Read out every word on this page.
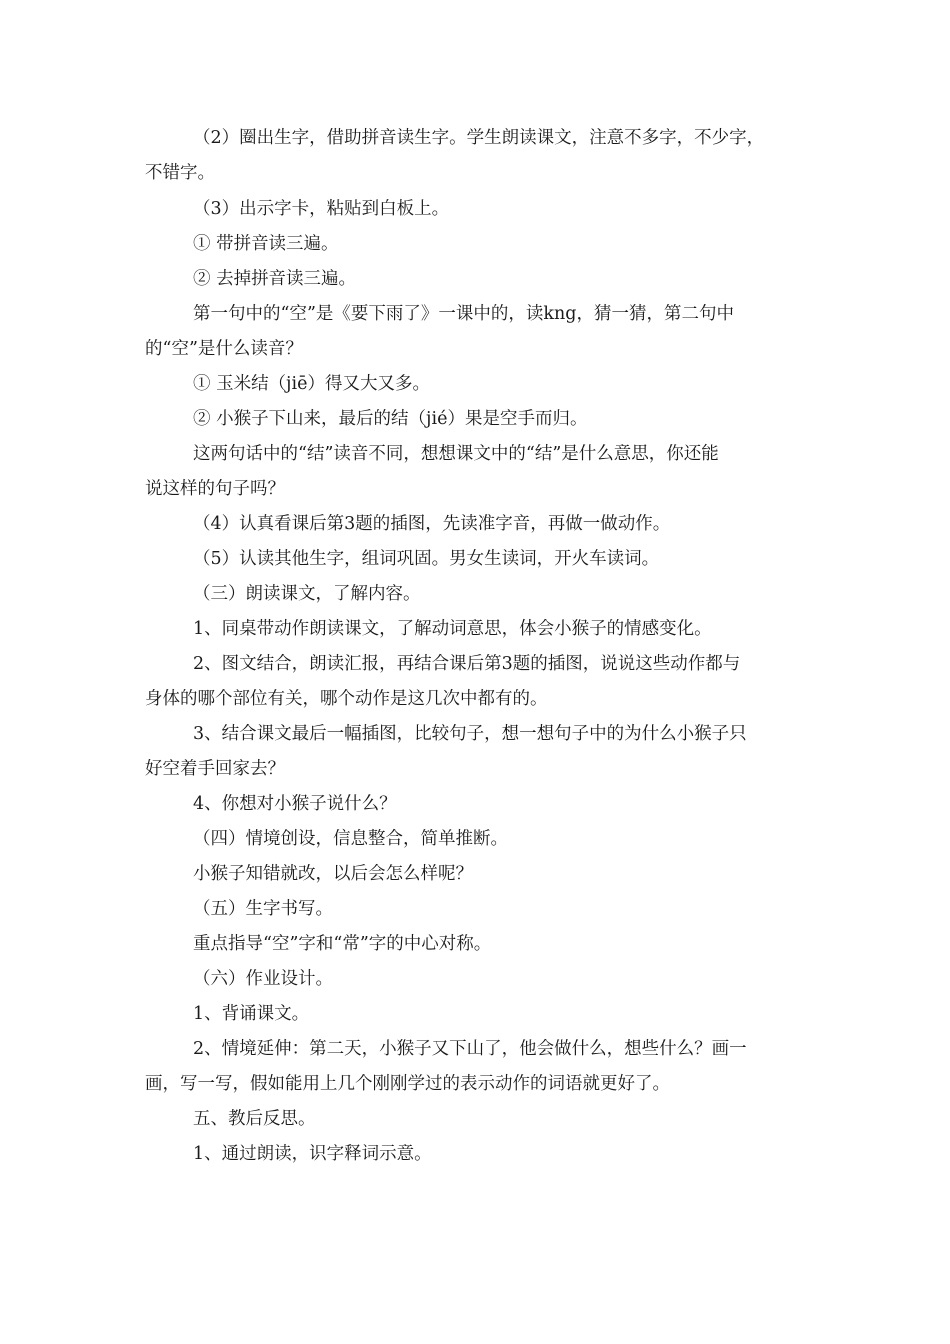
（2）圈出生字，借助拼音读生字。学生朗读课文，注意不多字，不少字，
不错字。
（3）出示字卡，粘贴到白板上。
① 带拼音读三遍。
② 去掉拼音读三遍。
第一句中的“空”是《要下雨了》一课中的，读kng，猜一猜，第二句中
的“空”是什么读音？
① 玉米结（jiē）得又大又多。
② 小猴子下山来，最后的结（jié）果是空手而归。
这两句话中的“结”读音不同，想想课文中的“结”是什么意思，你还能
说这样的句子吗？
（4）认真看课后第3题的插图，先读准字音，再做一做动作。
（5）认读其他生字，组词巩固。男女生读词，开火车读词。
（三）朗读课文，了解内容。
1、同桌带动作朗读课文，了解动词意思，体会小猴子的情感变化。
2、图文结合，朗读汇报，再结合课后第3题的插图，说说这些动作都与
身体的哪个部位有关，哪个动作是这几次中都有的。
3、结合课文最后一幅插图，比较句子，想一想句子中的为什么小猴子只
好空着手回家去？
4、你想对小猴子说什么？
（四）情境创设，信息整合，简单推断。
小猴子知错就改，以后会怎么样呢？
（五）生字书写。
重点指导“空”字和“常”字的中心对称。
（六）作业设计。
1、背诵课文。
2、情境延伸：第二天，小猴子又下山了，他会做什么，想些什么？画一
画，写一写，假如能用上几个刚刚学过的表示动作的词语就更好了。
五、教后反思。
1、通过朗读，识字释词示意。
